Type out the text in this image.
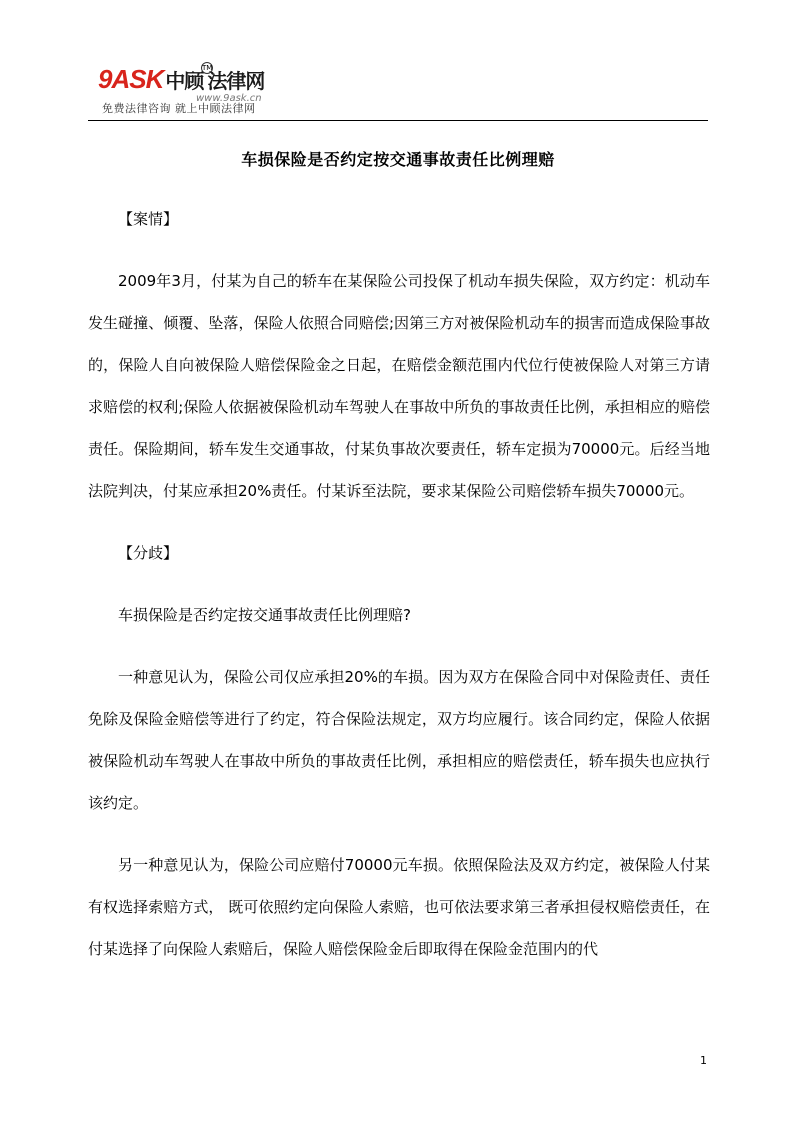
9ASK 中顾 法律网
TM
www.9ask.cn
免费法律咨询 就上中顾法律网
车损保险是否约定按交通事故责任比例理赔

【案情】

2009年3月，付某为自己的轿车在某保险公司投保了机动车损失保险，双方约定：机动车发生碰撞、倾覆、坠落，保险人依照合同赔偿;因第三方对被保险机动车的损害而造成保险事故的，保险人自向被保险人赔偿保险金之日起，在赔偿金额范围内代位行使被保险人对第三方请求赔偿的权利;保险人依据被保险机动车驾驶人在事故中所负的事故责任比例，承担相应的赔偿责任。保险期间，轿车发生交通事故，付某负事故次要责任，轿车定损为70000元。后经当地法院判决，付某应承担20%责任。付某诉至法院，要求某保险公司赔偿轿车损失70000元。

【分歧】

车损保险是否约定按交通事故责任比例理赔?

一种意见认为，保险公司仅应承担20%的车损。因为双方在保险合同中对保险责任、责任免除及保险金赔偿等进行了约定，符合保险法规定，双方均应履行。该合同约定，保险人依据被保险机动车驾驶人在事故中所负的事故责任比例，承担相应的赔偿责任，轿车损失也应执行该约定。

另一种意见认为，保险公司应赔付70000元车损。依照保险法及双方约定，被保险人付某有权选择索赔方式， 既可依照约定向保险人索赔，也可依法要求第三者承担侵权赔偿责任，在付某选择了向保险人索赔后，保险人赔偿保险金后即取得在保险金范围内的代

1
